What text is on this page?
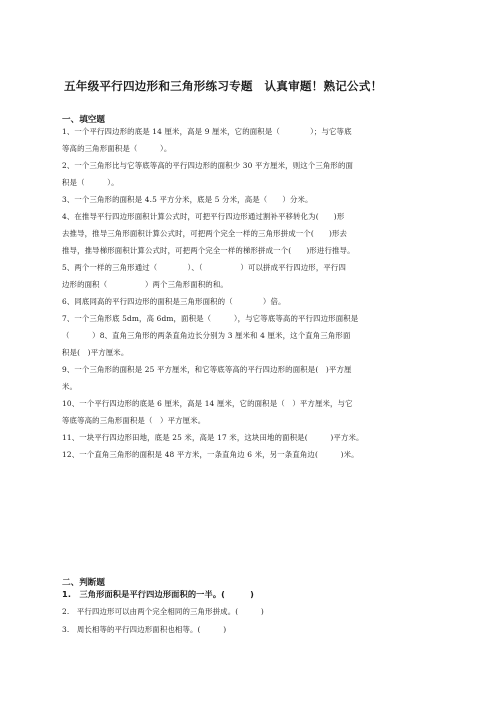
五年级平行四边形和三角形练习专题　认真审题！熟记公式！
一、填空题

1、一个平行四边形的底是 14 厘米，高是 9 厘米，它的面积是（　　　　）；与它等底

等高的三角形面积是（　　　）。

2、一个三角形比与它等底等高的平行四边形的面积少 30 平方厘米，则这个三角形的面

积是（　　　）。

3、一个三角形的面积是 4.5 平方分米，底是 5 分米，高是（　　）分米。

4、在推导平行四边形面积计算公式时，可把平行四边形通过割补平移转化为(　　)形

去推导，推导三角形面积计算公式时，可把两个完全一样的三角形拼成一个(　　)形去

推导，推导梯形面积计算公式时，可把两个完全一样的梯形拼成一个(　　)形进行推导。

5、两个一样的三角形通过（　　　　）、（　　　　　）可以拼成平行四边形，平行四

边形的面积（　　　　　）两个三角形面积的和。

6、同底同高的平行四边形的面积是三角形面积的（　　　　）倍。

7、一个三角形底 5dm，高 6dm，面积是（　　　），与它等底等高的平行四边形面积是

（　　　）8、直角三角形的两条直角边长分别为 3 厘米和 4 厘米，这个直角三角形面

积是(　)平方厘米。

9、一个三角形的面积是 25 平方厘米，和它等底等高的平行四边形的面积是(　)平方厘

米。

10、一个平行四边形的底是 6 厘米，高是 14 厘米，它的面积是（　）平方厘米，与它

等底等高的三角形面积是（　）平方厘米。

11、一块平行四边形田地，底是 25 米，高是 17 米，这块田地的面积是(　　　)平方米。

12、一个直角三角形的面积是 48 平方米，一条直角边 6 米，另一条直角边(　　　)米。

二、判断题

1.　三角形面积是平行四边形面积的一半。(　　　)

2.　平行四边形可以由两个完全相同的三角形拼成。(　　　)

3.　周长相等的平行四边形面积也相等。(　　　)
